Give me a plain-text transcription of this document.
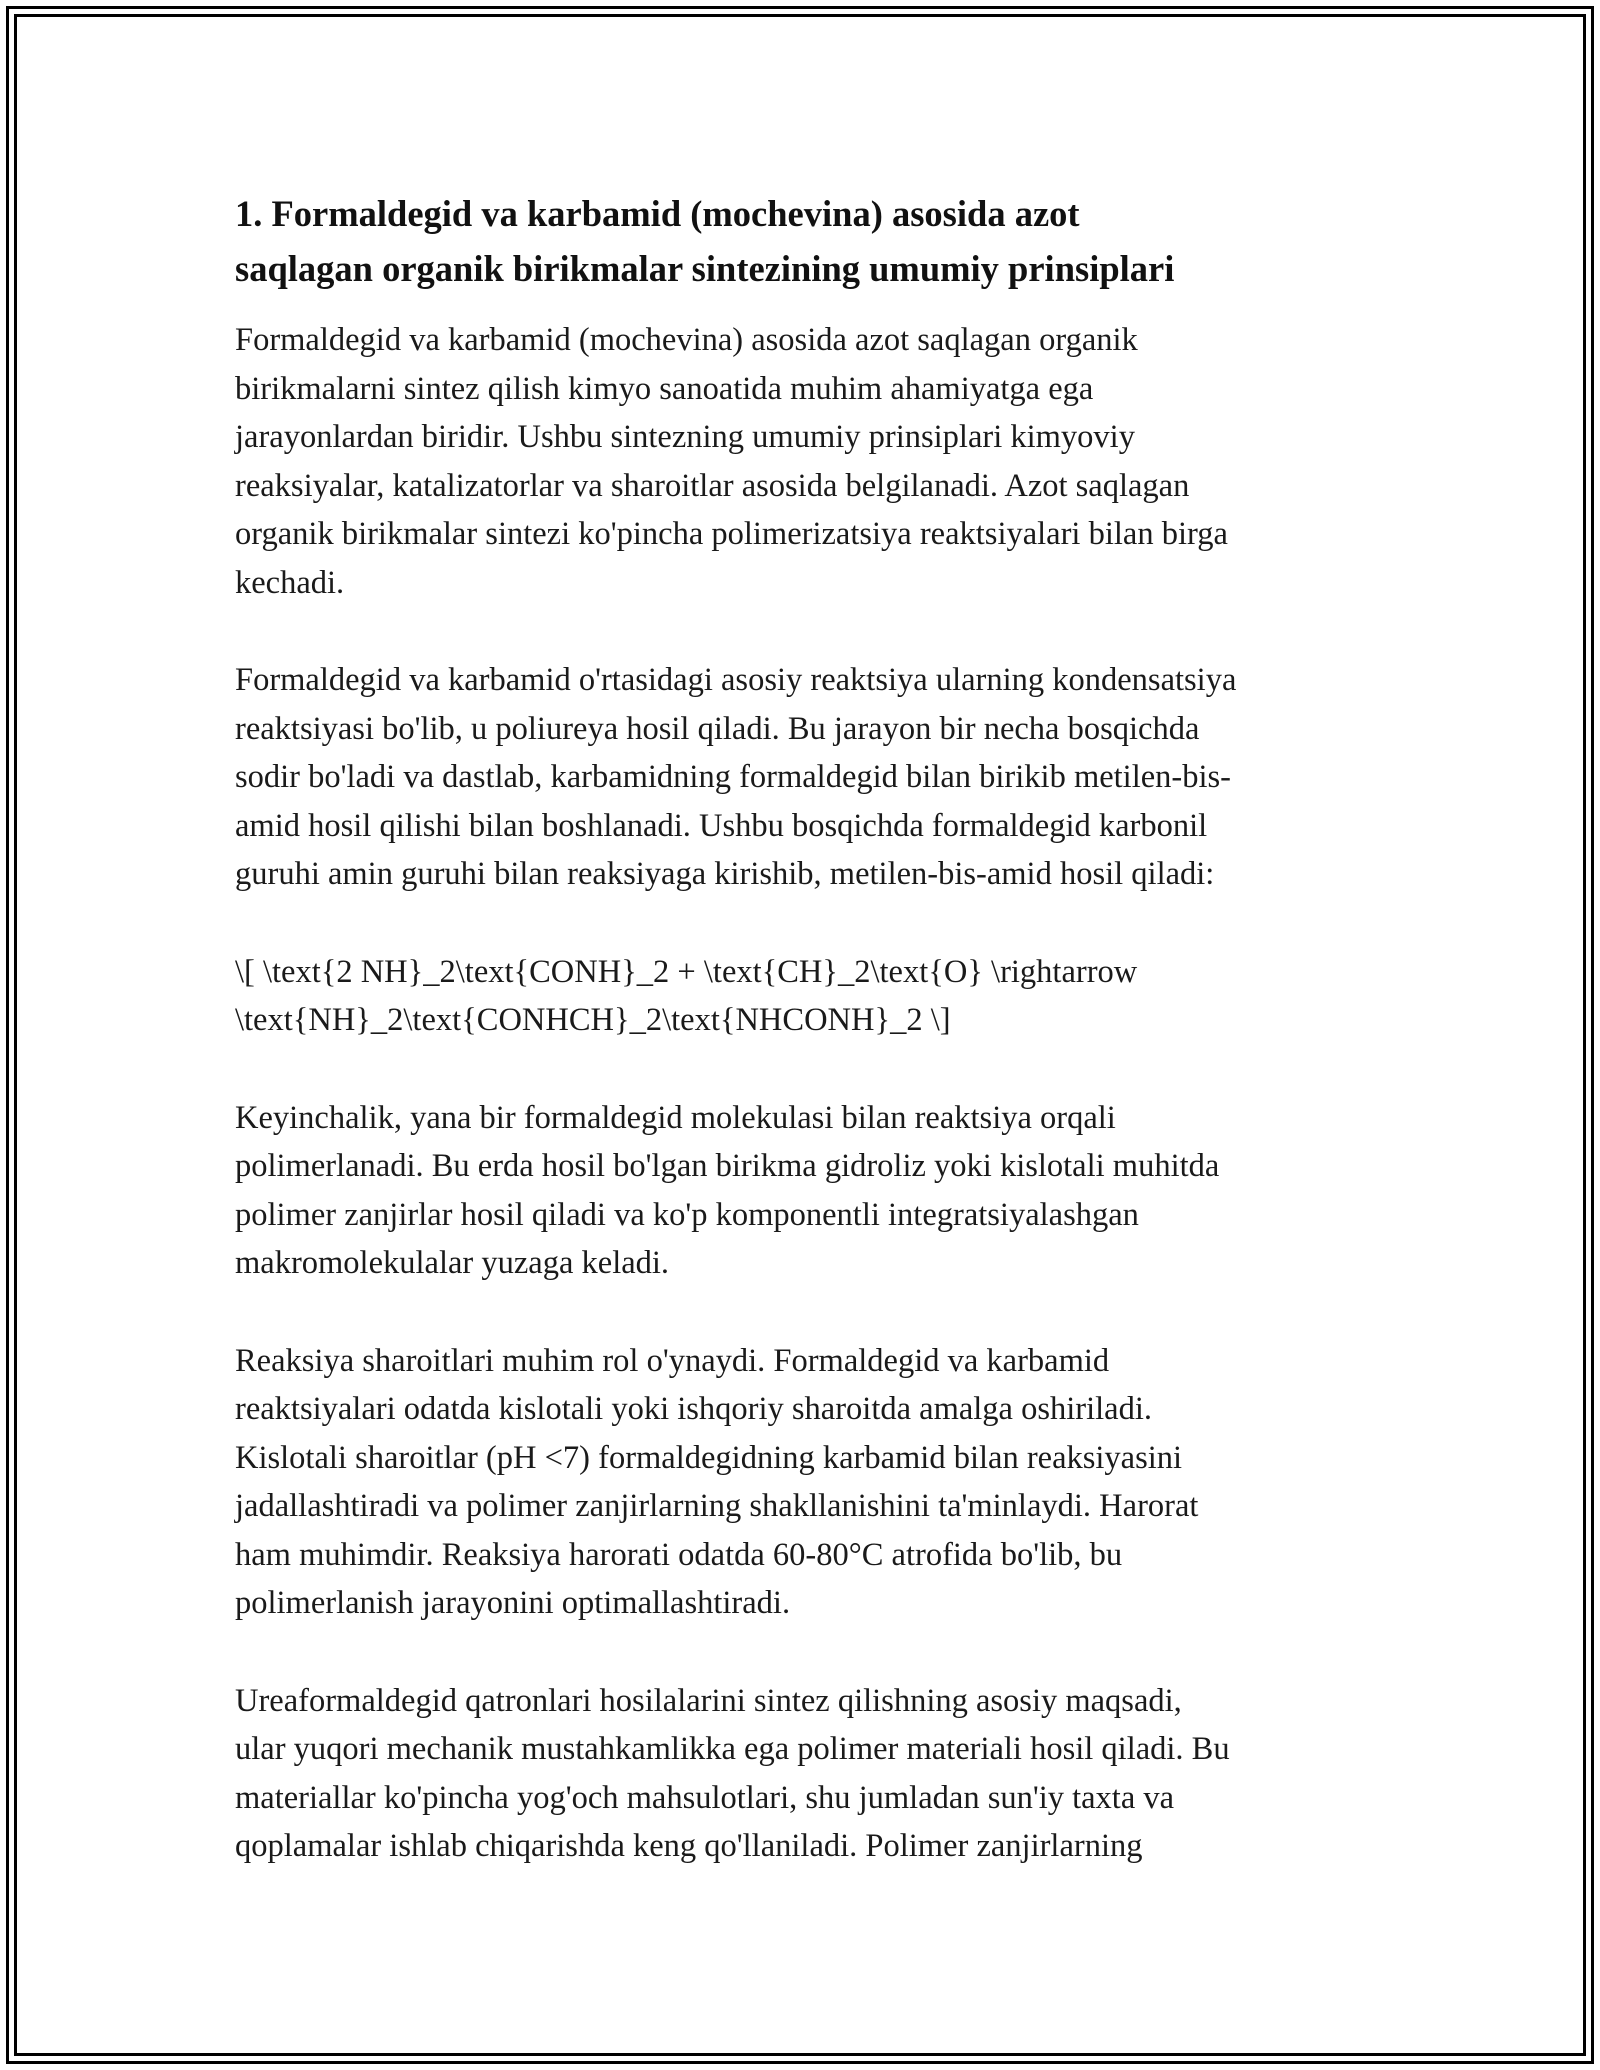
1. Formaldegid va karbamid (mochevina) asosida azot
saqlagan organik birikmalar sintezining umumiy prinsiplari

Formaldegid va karbamid (mochevina) asosida azot saqlagan organik
birikmalarni sintez qilish kimyo sanoatida muhim ahamiyatga ega
jarayonlardan biridir. Ushbu sintezning umumiy prinsiplari kimyoviy
reaksiyalar, katalizatorlar va sharoitlar asosida belgilanadi. Azot saqlagan
organik birikmalar sintezi ko'pincha polimerizatsiya reaktsiyalari bilan birga
kechadi.

Formaldegid va karbamid o'rtasidagi asosiy reaktsiya ularning kondensatsiya
reaktsiyasi bo'lib, u poliureya hosil qiladi. Bu jarayon bir necha bosqichda
sodir bo'ladi va dastlab, karbamidning formaldegid bilan birikib metilen-bis-
amid hosil qilishi bilan boshlanadi. Ushbu bosqichda formaldegid karbonil
guruhi amin guruhi bilan reaksiyaga kirishib, metilen-bis-amid hosil qiladi:

\[ \text{2 NH}_2\text{CONH}_2 + \text{CH}_2\text{O} \rightarrow
\text{NH}_2\text{CONHCH}_2\text{NHCONH}_2 \]

Keyinchalik, yana bir formaldegid molekulasi bilan reaktsiya orqali
polimerlanadi. Bu erda hosil bo'lgan birikma gidroliz yoki kislotali muhitda
polimer zanjirlar hosil qiladi va ko'p komponentli integratsiyalashgan
makromolekulalar yuzaga keladi.

Reaksiya sharoitlari muhim rol o'ynaydi. Formaldegid va karbamid
reaktsiyalari odatda kislotali yoki ishqoriy sharoitda amalga oshiriladi.
Kislotali sharoitlar (pH <7) formaldegidning karbamid bilan reaksiyasini
jadallashtiradi va polimer zanjirlarning shakllanishini ta'minlaydi. Harorat
ham muhimdir. Reaksiya harorati odatda 60-80°C atrofida bo'lib, bu
polimerlanish jarayonini optimallashtiradi.

Ureaformaldegid qatronlari hosilalarini sintez qilishning asosiy maqsadi,
ular yuqori mechanik mustahkamlikka ega polimer materiali hosil qiladi. Bu
materiallar ko'pincha yog'och mahsulotlari, shu jumladan sun'iy taxta va
qoplamalar ishlab chiqarishda keng qo'llaniladi. Polimer zanjirlarning
